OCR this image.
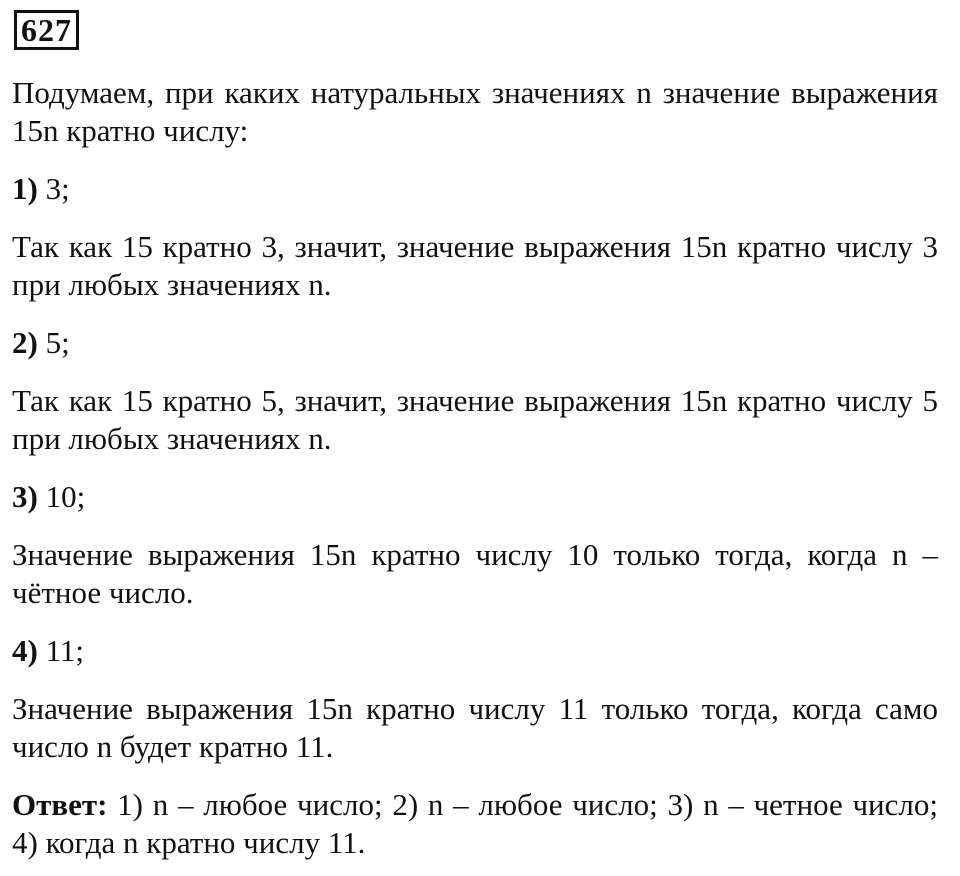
627

Подумаем, при каких натуральных значениях n значение выражения 15n кратно числу:

1) 3;

Так как 15 кратно 3, значит, значение выражения 15n кратно числу 3 при любых значениях n.

2) 5;

Так как 15 кратно 5, значит, значение выражения 15n кратно числу 5 при любых значениях n.

3) 10;

Значение выражения 15n кратно числу 10 только тогда, когда n – чётное число.

4) 11;

Значение выражения 15n кратно числу 11 только тогда, когда само число n будет кратно 11.

Ответ: 1) n – любое число; 2) n – любое число; 3) n – четное число; 4) когда n кратно числу 11.
